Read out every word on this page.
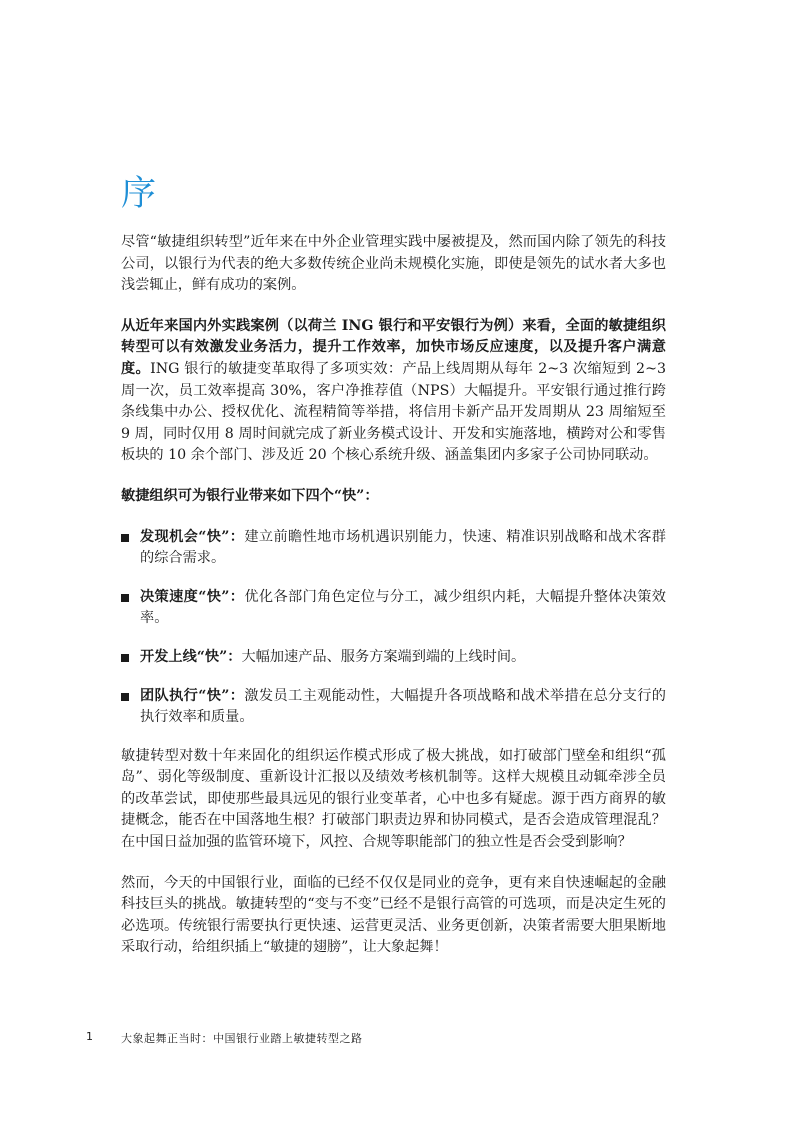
序

尽管“敏捷组织转型”近年来在中外企业管理实践中屡被提及，然而国内除了领先的科技公司，以银行为代表的绝大多数传统企业尚未规模化实施，即使是领先的试水者大多也浅尝辄止，鲜有成功的案例。

从近年来国内外实践案例（以荷兰 ING 银行和平安银行为例）来看，全面的敏捷组织转型可以有效激发业务活力，提升工作效率，加快市场反应速度，以及提升客户满意度。ING 银行的敏捷变革取得了多项实效：产品上线周期从每年 2~3 次缩短到 2~3 周一次，员工效率提高 30%，客户净推荐值（NPS）大幅提升。平安银行通过推行跨条线集中办公、授权优化、流程精简等举措，将信用卡新产品开发周期从 23 周缩短至 9 周，同时仅用 8 周时间就完成了新业务模式设计、开发和实施落地，横跨对公和零售板块的 10 余个部门、涉及近 20 个核心系统升级、涵盖集团内多家子公司协同联动。

敏捷组织可为银行业带来如下四个“快”：

发现机会“快”：建立前瞻性地市场机遇识别能力，快速、精准识别战略和战术客群的综合需求。
决策速度“快”：优化各部门角色定位与分工，减少组织内耗，大幅提升整体决策效率。
开发上线“快”：大幅加速产品、服务方案端到端的上线时间。
团队执行“快”：激发员工主观能动性，大幅提升各项战略和战术举措在总分支行的执行效率和质量。

敏捷转型对数十年来固化的组织运作模式形成了极大挑战，如打破部门壁垒和组织“孤岛”、弱化等级制度、重新设计汇报以及绩效考核机制等。这样大规模且动辄牵涉全员的改革尝试，即使那些最具远见的银行业变革者，心中也多有疑虑。源于西方商界的敏捷概念，能否在中国落地生根？打破部门职责边界和协同模式，是否会造成管理混乱？在中国日益加强的监管环境下，风控、合规等职能部门的独立性是否会受到影响？

然而，今天的中国银行业，面临的已经不仅仅是同业的竞争，更有来自快速崛起的金融科技巨头的挑战。敏捷转型的“变与不变”已经不是银行高管的可选项，而是决定生死的必选项。传统银行需要执行更快速、运营更灵活、业务更创新，决策者需要大胆果断地采取行动，给组织插上“敏捷的翅膀”，让大象起舞！

1	大象起舞正当时：中国银行业踏上敏捷转型之路
